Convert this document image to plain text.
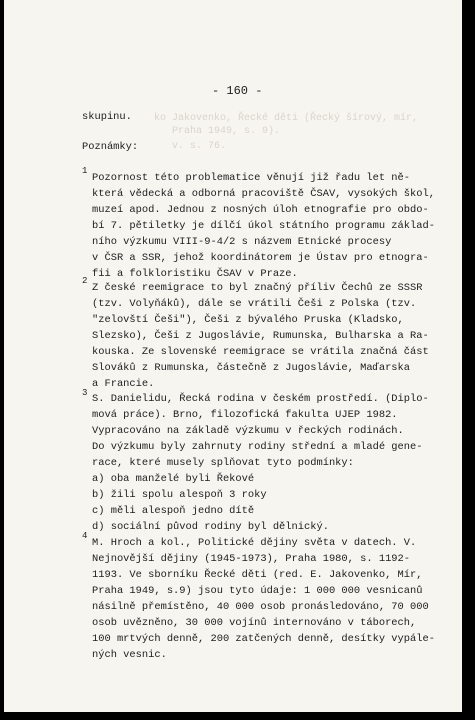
- 160 -

ko Jakovenko, Řecké děti (Řecký šírový, mír,
Praha 1949, s. 9).
v. s. 76.

skupinu.

Poznámky:

1

Pozornost této problematice věnují již řadu let ně-

která vědecká a odborná pracoviště ČSAV, vysokých škol,

muzeí apod. Jednou z nosných úloh etnografie pro obdo-

bí 7. pětiletky je dílčí úkol státního programu základ-

ního výzkumu VIII-9-4/2 s názvem Etnické procesy

v ČSR a SSR, jehož koordinátorem je Ústav pro etnogra-

fii a folkloristiku ČSAV v Praze.

2

Z české reemigrace to byl značný příliv Čechů ze SSSR

(tzv. Volyňáků), dále se vrátili Češi z Polska (tzv.

"zelovští Češi"), Češi z bývalého Pruska (Kladsko,

Slezsko), Češi z Jugoslávie, Rumunska, Bulharska a Ra-

kouska. Ze slovenské reemigrace se vrátila značná část

Slováků z Rumunska, částečně z Jugoslávie, Maďarska

a Francie.

3 S. Danielidu, Řecká rodina v českém prostředí. (Diplo-

mová práce). Brno, filozofická fakulta UJEP 1982.

Vypracováno na základě výzkumu v řeckých rodinách.

Do výzkumu byly zahrnuty rodiny střední a mladé gene-

race, které musely splňovat tyto podmínky:

a) oba manželé byli Řekové

b) žili spolu alespoň 3 roky

c) měli alespoň jedno dítě

d) sociální původ rodiny byl dělnický.

4

M. Hroch a kol., Politické dějiny světa v datech. V.

Nejnovější dějiny (1945-1973), Praha 1980, s. 1192-

1193. Ve sborníku Řecké děti (red. E. Jakovenko, Mír,

Praha 1949, s.9) jsou tyto údaje: 1 000 000 vesnicanů

násilně přemístěno, 40 000 osob pronásledováno, 70 000

osob uvězněno, 30 000 vojínů internováno v táborech,

100 mrtvých denně, 200 zatčených denně, desítky vypále-

ných vesnic.
